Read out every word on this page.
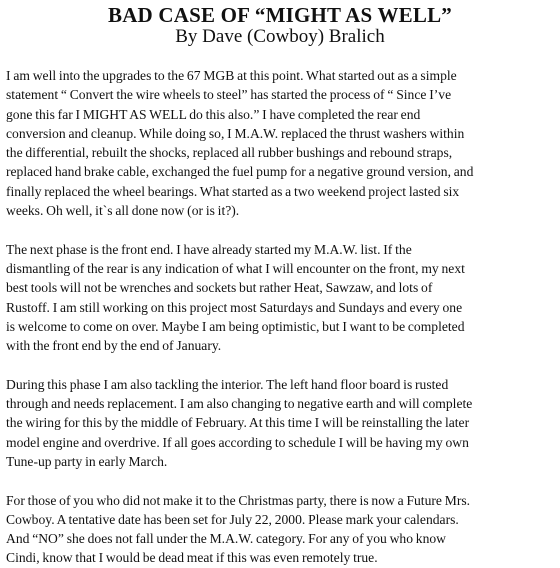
BAD CASE OF “MIGHT AS WELL”
By Dave (Cowboy) Bralich
I am well into the upgrades to the 67 MGB at this point. What started out as a simple
statement “ Convert the wire wheels to steel” has started the process of “ Since I’ve
gone this far I MIGHT AS WELL do this also.” I have completed the rear end
conversion and cleanup. While doing so, I M.A.W. replaced the thrust washers within
the differential, rebuilt the shocks, replaced all rubber bushings and rebound straps,
replaced hand brake cable, exchanged the fuel pump for a negative ground version, and
finally replaced the wheel bearings. What started as a two weekend project lasted six
weeks. Oh well, it`s all done now (or is it?).
The next phase is the front end. I have already started my M.A.W. list. If the
dismantling of the rear is any indication of what I will encounter on the front, my next
best tools will not be wrenches and sockets but rather Heat, Sawzaw, and lots of
Rustoff. I am still working on this project most Saturdays and Sundays and every one
is welcome to come on over. Maybe I am being optimistic, but I want to be completed
with the front end by the end of January.
During this phase I am also tackling the interior. The left hand floor board is rusted
through and needs replacement. I am also changing to negative earth and will complete
the wiring for this by the middle of February. At this time I will be reinstalling the later
model engine and overdrive. If all goes according to schedule I will be having my own
Tune-up party in early March.
For those of you who did not make it to the Christmas party, there is now a Future Mrs.
Cowboy. A tentative date has been set for July 22, 2000. Please mark your calendars.
And “NO” she does not fall under the M.A.W. category. For any of you who know
Cindi, know that I would be dead meat if this was even remotely true.
